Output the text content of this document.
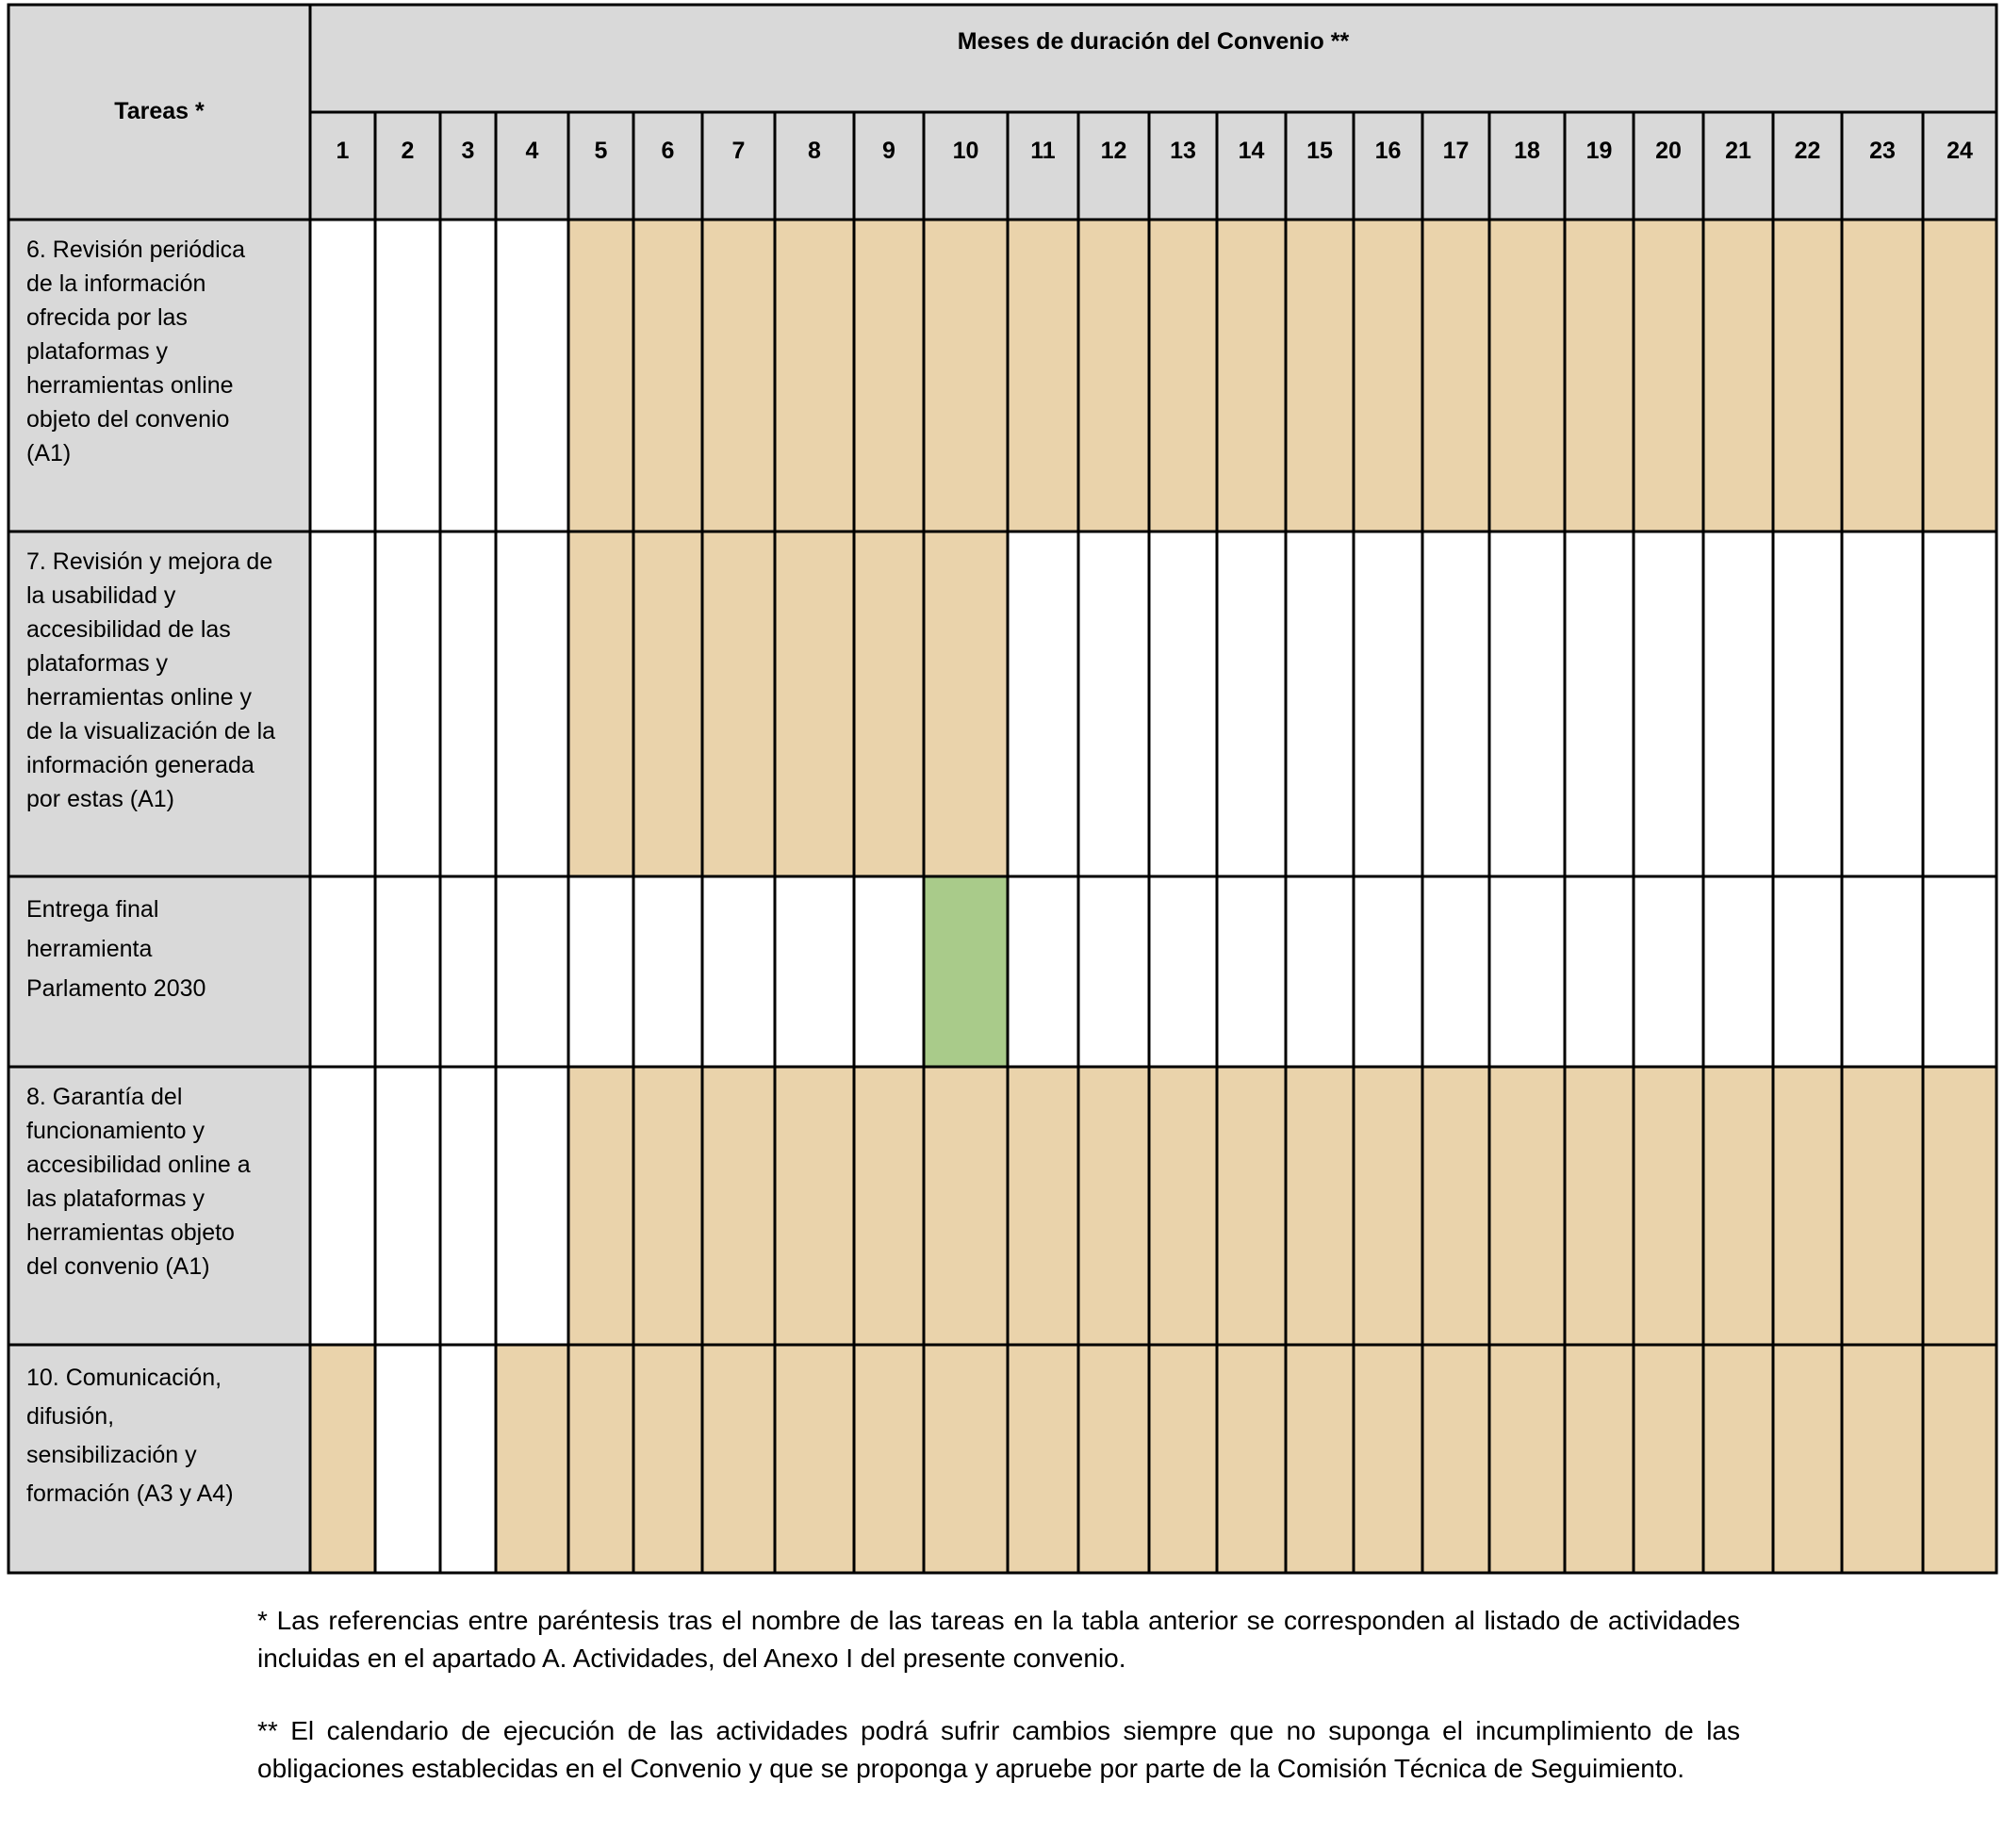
6. Revisión periódica
de la información
ofrecida por las
plataformas y
herramientas online
objeto del convenio
(A1)
7. Revisión y mejora de
la usabilidad y
accesibilidad de las
plataformas y
herramientas online y
de la visualización de la
información generada
por estas (A1)
Entrega final
herramienta
Parlamento 2030
8. Garantía del
funcionamiento y
accesibilidad online a
las plataformas y
herramientas objeto
del convenio (A1)
10. Comunicación,
difusión,
sensibilización y
formación (A3 y A4)
Tareas *
Meses de duración del Convenio **
1 2 3 4 5 6 7	8	9 10 11 12 13 14 15 16 17 18 19 20 21 22 23 24

* Las referencias entre paréntesis tras el nombre de las tareas en la tabla anterior se corresponden al listado de actividades incluidas en el apartado A. Actividades, del Anexo I del presente convenio.

** El calendario de ejecución de las actividades podrá sufrir cambios siempre que no suponga el incumplimiento de las obligaciones establecidas en el Convenio y que se proponga y apruebe por parte de la Comisión Técnica de Seguimiento.
